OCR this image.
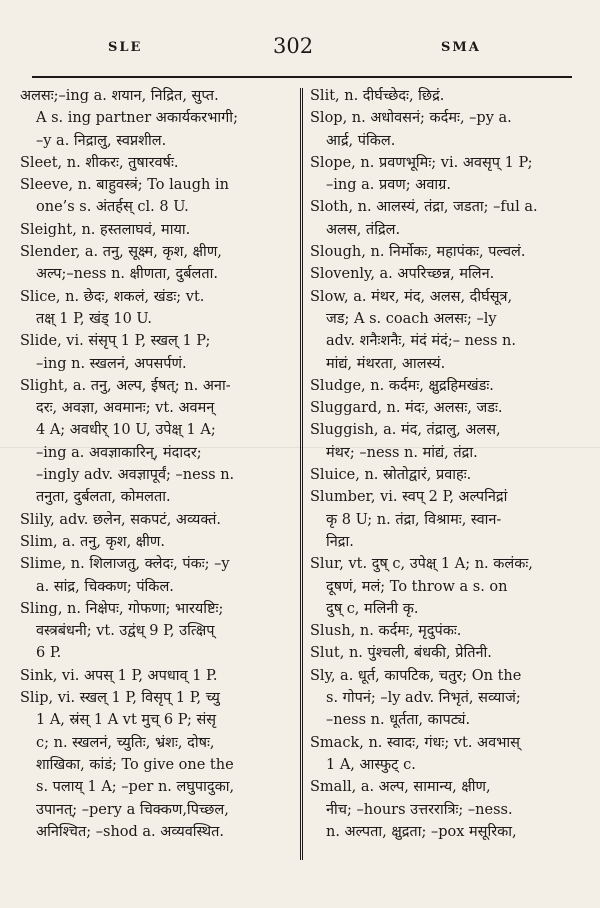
SLE	302	SMA
अलसः;–ing a. शयान, निद्रित, सुप्त.
A s. ing partner अकार्यकरभागी;
–y a. निद्रालु, स्वप्नशील.
Sleet, n. शीकरः, तुषारवर्षः.
Sleeve, n. बाहुवस्त्रं; To laugh in
one’s s. अंतर्हस् cl. 8 U.
Sleight, n. हस्तलाघवं, माया.
Slender, a. तनु, सूक्ष्म, कृश, क्षीण,
अल्प;–ness n. क्षीणता, दुर्बलता.
Slice, n. छेदः, शकलं, खंडः; vt.
तक्ष् 1 P, खंड् 10 U.
Slide, vi. संसृप् 1 P, स्खल् 1 P;
–ing n. स्खलनं, अपसर्पणं.
Slight, a. तनु, अल्प, ईषत्; n. अना-
दरः, अवज्ञा, अवमानः; vt. अवमन्
4 A; अवधीर् 10 U, उपेक्ष् 1 A;
–ing a. अवज्ञाकारिन्, मंदादर;
–ingly adv. अवज्ञापूर्वं; –ness n.
तनुता, दुर्बलता, कोमलता.
Slily, adv. छलेन, सकपटं, अव्यक्तं.
Slim, a. तनु, कृश, क्षीण.
Slime, n. शिलाजतु, क्लेदः, पंकः; –y
a. सांद्र, चिक्कण; पंकिल.
Sling, n. निक्षेपः, गोफणा; भारयष्टिः;
वस्त्रबंधनी; vt. उद्वंध् 9 P, उत्क्षिप्
6 P.
Sink, vi. अपस् 1 P, अपधाव् 1 P.
Slip, vi. स्खल् 1 P, विसृप् 1 P, च्यु
1 A, स्रंस् 1 A vt मुच् 6 P; संसृ
c; n. स्खलनं, च्युतिः, भ्रंशः, दोषः,
शाखिका, कांडं; To give one the
s. पलाय् 1 A; –per n. लघुपादुका,
उपानत्; –pery a चिक्कण,पिच्छल,
अनिश्चित; –shod a. अव्यवस्थित.
Slit, n. दीर्घच्छेदः, छिद्रं.
Slop, n. अधोवसनं; कर्दमः, –py a.
आर्द्र, पंकिल.
Slope, n. प्रवणभूमिः; vi. अवसृप् 1 P;
–ing a. प्रवण; अवाग्र.
Sloth, n. आलस्यं, तंद्रा, जडता; –ful a.
अलस, तंद्रिल.
Slough, n. निर्मोकः, महापंकः, पल्वलं.
Slovenly, a. अपरिच्छन्न, मलिन.
Slow, a. मंथर, मंद, अलस, दीर्घसूत्र,
जड; A s. coach अलसः; –ly
adv. शनैःशनैः, मंदं मंदं;– ness n.
मांद्यं, मंथरता, आलस्यं.
Sludge, n. कर्दमः, क्षुद्रहिमखंडः.
Sluggard, n. मंदः, अलसः, जडः.
Sluggish, a. मंद, तंद्रालु, अलस,
मंथर; –ness n. मांद्यं, तंद्रा.
Sluice, n. स्रोतोद्वारं, प्रवाहः.
Slumber, vi. स्वप् 2 P, अल्पनिद्रां
कृ 8 U; n. तंद्रा, विश्रामः, स्वान-
निद्रा.
Slur, vt. दुष् c, उपेक्ष् 1 A; n. कलंकः,
दूषणं, मलं; To throw a s. on
दुष् c, मलिनी कृ.
Slush, n. कर्दमः, मृदुपंकः.
Slut, n. पुंश्चली, बंधकी, प्रेतिनी.
Sly, a. धूर्त, कापटिक, चतुर; On the
s. गोपनं; –ly adv. निभृतं, सव्याजं;
–ness n. धूर्तता, कापट्यं.
Smack, n. स्वादः, गंधः; vt. अवभास्
1 A, आस्फुट् c.
Small, a. अल्प, सामान्य, क्षीण,
नीच; –hours उत्तररात्रिः; –ness.
n. अल्पता, क्षुद्रता; –pox मसूरिका,
